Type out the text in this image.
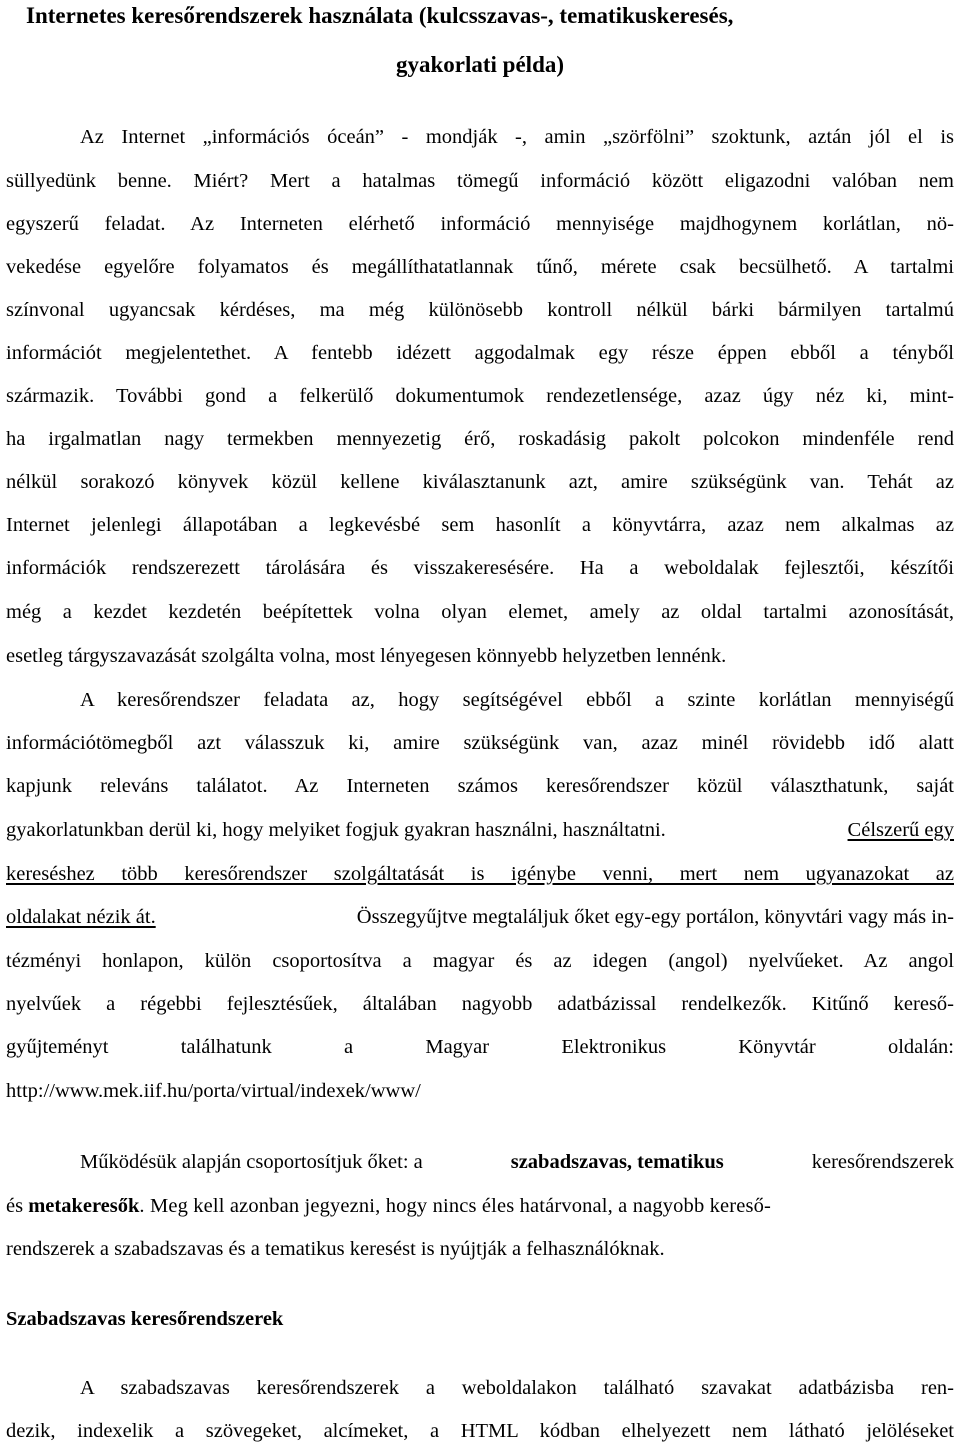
Internetes keresőrendszerek használata (kulcsszavas-, tematikuskeresés,
gyakorlati példa)
Az Internet „információs óceán” - mondják -, amin „szörfölni” szoktunk, aztán jól el is
süllyedünk benne. Miért? Mert a hatalmas tömegű információ között eligazodni valóban nem
egyszerű feladat. Az Interneten elérhető információ mennyisége majdhogynem korlátlan, nö-
vekedése egyelőre folyamatos és megállíthatatlannak tűnő, mérete csak becsülhető. A tartalmi
színvonal ugyancsak kérdéses, ma még különösebb kontroll nélkül bárki bármilyen tartalmú
információt megjelentethet. A fentebb idézett aggodalmak egy része éppen ebből a tényből
származik. További gond a felkerülő dokumentumok rendezetlensége, azaz úgy néz ki, mint-
ha irgalmatlan nagy termekben mennyezetig érő, roskadásig pakolt polcokon mindenféle rend
nélkül sorakozó könyvek közül kellene kiválasztanunk azt, amire szükségünk van. Tehát az
Internet jelenlegi állapotában a legkevésbé sem hasonlít a könyvtárra, azaz nem alkalmas az
információk rendszerezett tárolására és visszakeresésére. Ha a weboldalak fejlesztői, készítői
még a kezdet kezdetén beépítettek volna olyan elemet, amely az oldal tartalmi azonosítását,
esetleg tárgyszavazását szolgálta volna, most lényegesen könnyebb helyzetben lennénk.
A keresőrendszer feladata az, hogy segítségével ebből a szinte korlátlan mennyiségű
információtömegből azt válasszuk ki, amire szükségünk van, azaz minél rövidebb idő alatt
kapjunk releváns találatot. Az Interneten számos keresőrendszer közül választhatunk, saját
gyakorlatunkban derül ki, hogy melyiket fogjuk gyakran használni, használtatni.	Célszerű egy
kereséshez több keresőrendszer szolgáltatását is igénybe venni, mert nem ugyanazokat az
oldalakat nézik át.	Összegyűjtve megtaláljuk őket egy-egy portálon, könyvtári vagy más in-
tézményi honlapon, külön csoportosítva a magyar és az idegen (angol) nyelvűeket. Az angol
nyelvűek a régebbi fejlesztésűek, általában nagyobb adatbázissal rendelkezők. Kitűnő kereső-
gyűjteményt találhatunk a Magyar Elektronikus Könyvtár oldalán:
http://www.mek.iif.hu/porta/virtual/indexek/www/
Működésük alapján csoportosítjuk őket: a	szabadszavas, tematikus	keresőrendszerek
és metakeresők. Meg kell azonban jegyezni, hogy nincs éles határvonal, a nagyobb kereső-
rendszerek a szabadszavas és a tematikus keresést is nyújtják a felhasználóknak.
Szabadszavas keresőrendszerek
A szabadszavas keresőrendszerek a weboldalakon található szavakat adatbázisba ren-
dezik, indexelik a szövegeket, alcímeket, a HTML kódban elhelyezett nem látható jelöléseket
